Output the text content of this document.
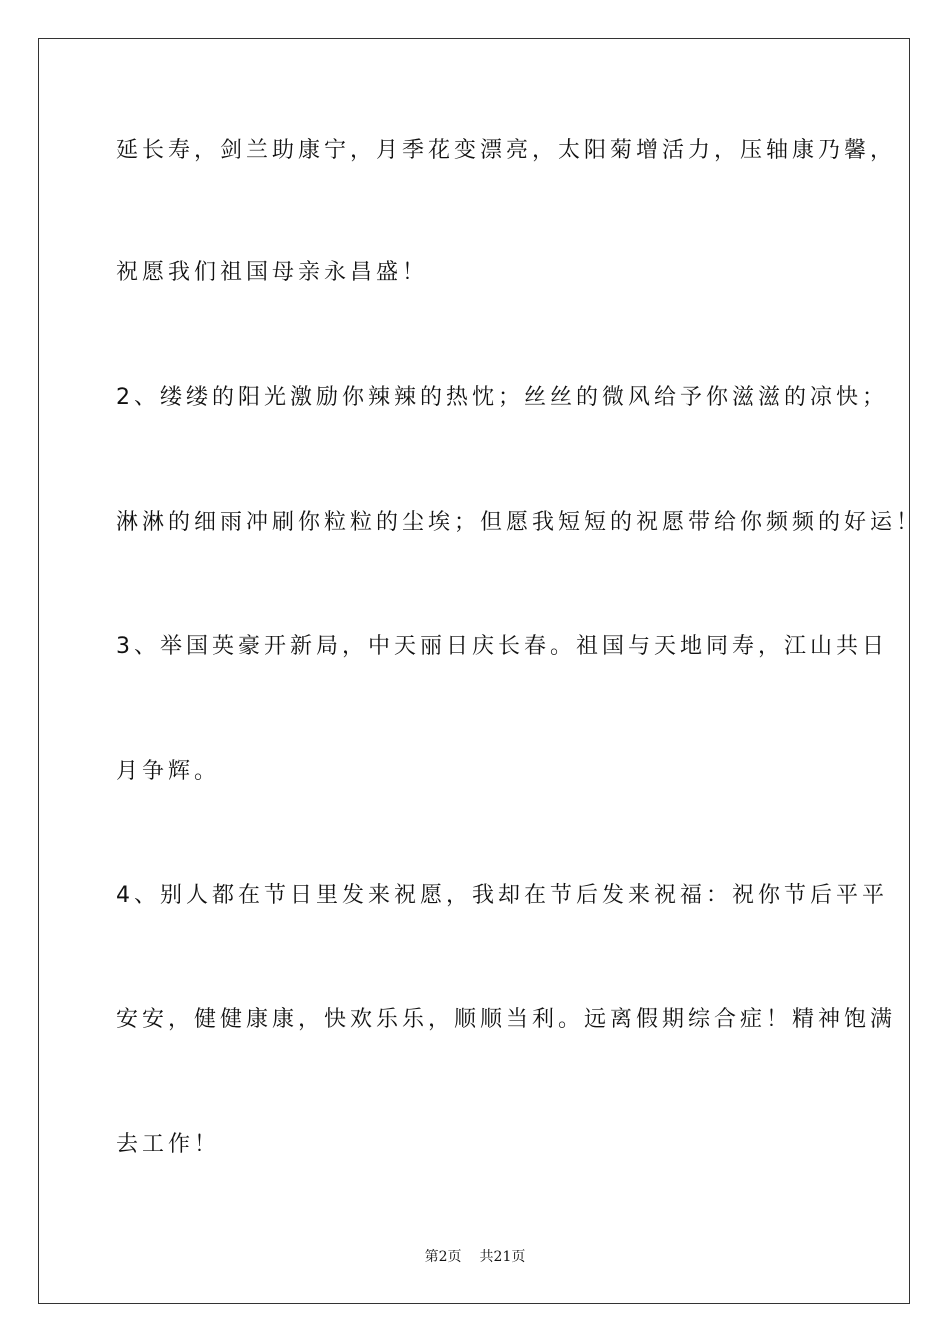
延长寿，剑兰助康宁，月季花变漂亮，太阳菊增活力，压轴康乃馨，

祝愿我们祖国母亲永昌盛！

2、缕缕的阳光激励你辣辣的热忱；丝丝的微风给予你滋滋的凉快；

淋淋的细雨冲刷你粒粒的尘埃；但愿我短短的祝愿带给你频频的好运！

3、举国英豪开新局，中天丽日庆长春。祖国与天地同寿，江山共日

月争辉。

4、别人都在节日里发来祝愿，我却在节后发来祝福：祝你节后平平

安安，健健康康，快欢乐乐，顺顺当利。远离假期综合症！精神饱满

去工作！

第2页 共21页
